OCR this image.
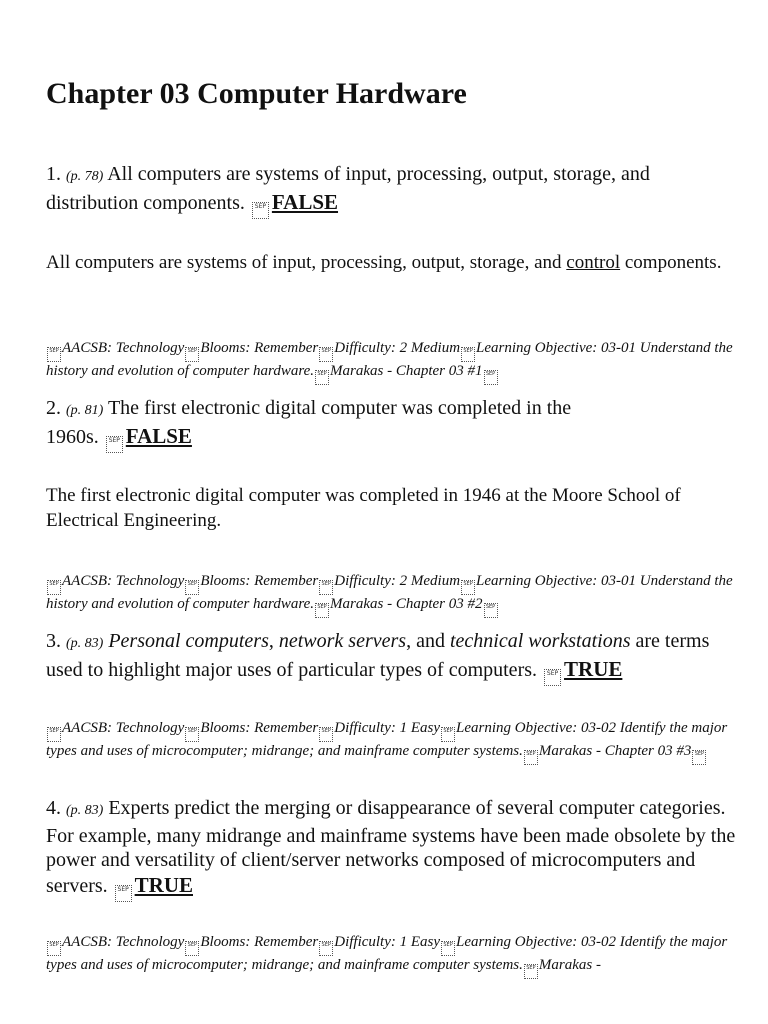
Chapter 03 Computer Hardware

1. (p. 78) All computers are systems of input, processing, output, storage, and distribution components. SEP FALSE

All computers are systems of input, processing, output, storage, and control components.

SEP AACSB: Technology SEP Blooms: Remember SEP Difficulty: 2 Medium SEP Learning Objective: 03-01 Understand the history and evolution of computer hardware. SEP Marakas - Chapter 03 #1 SEP

2. (p. 81) The first electronic digital computer was completed in the
1960s. SEP FALSE

The first electronic digital computer was completed in 1946 at the Moore School of Electrical Engineering.

SEP AACSB: Technology SEP Blooms: Remember SEP Difficulty: 2 Medium SEP Learning Objective: 03-01 Understand the history and evolution of computer hardware. SEP Marakas - Chapter 03 #2 SEP

3. (p. 83) Personal computers, network servers, and technical workstations are terms used to highlight major uses of particular types of computers. SEP TRUE

SEP AACSB: Technology SEP Blooms: Remember SEP Difficulty: 1 Easy SEP Learning Objective: 03-02 Identify the major types and uses of microcomputer; midrange; and mainframe computer systems. SEP Marakas - Chapter 03 #3 SEP

4. (p. 83) Experts predict the merging or disappearance of several computer categories. For example, many midrange and mainframe systems have been made obsolete by the power and versatility of client/server networks composed of microcomputers and servers. SEP TRUE

SEP AACSB: Technology SEP Blooms: Remember SEP Difficulty: 1 Easy SEP Learning Objective: 03-02 Identify the major types and uses of microcomputer; midrange; and mainframe computer systems. SEP Marakas -
